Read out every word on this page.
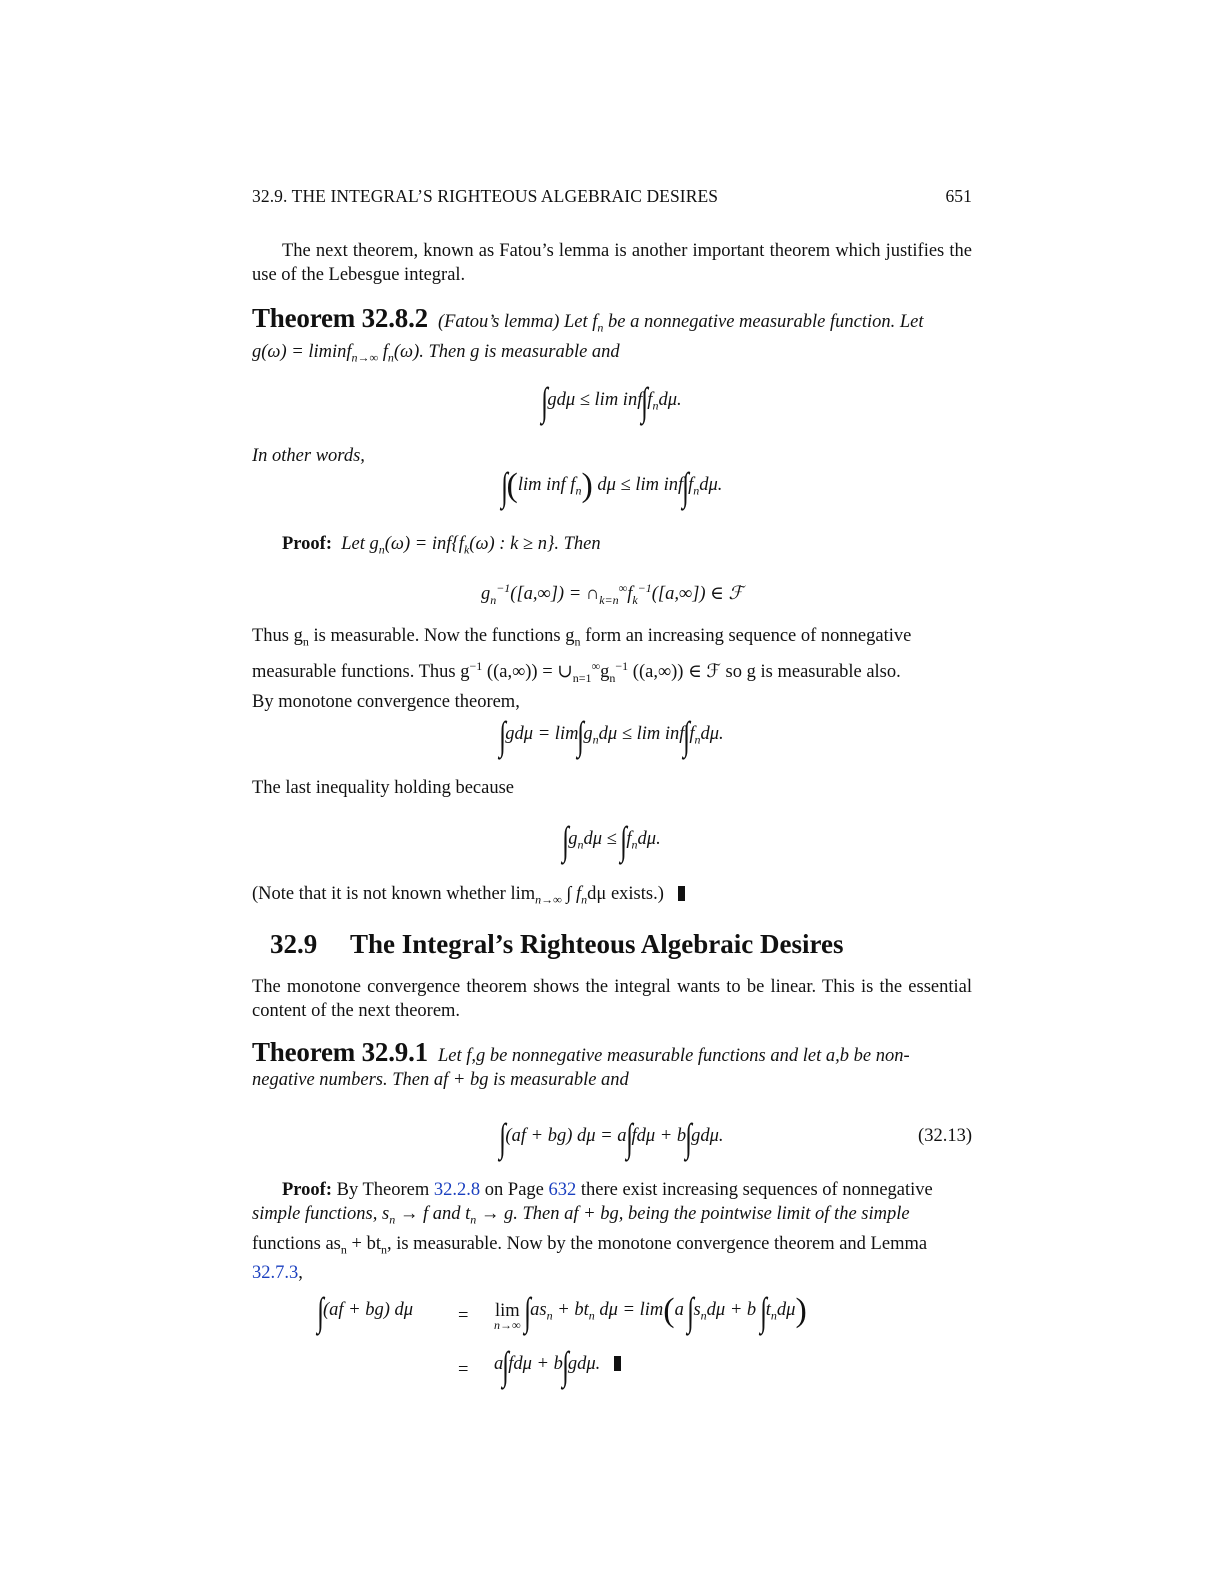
32.9. THE INTEGRAL’S RIGHTEOUS ALGEBRAIC DESIRES	651
The next theorem, known as Fatou’s lemma is another important theorem which justifies the use of the Lebesgue integral.
Theorem 32.8.2 (Fatou’s lemma) Let $f_n$ be a nonnegative measurable function. Let
g(ω) = liminf$_{n\to\infty}$ $f_n(\omega)$. Then g is measurable and
$\int gd\mu \le \lim inf\int f_nd\mu$.
In other words,
∫(lim inf $f_n$) $d\mu \le \lim inf\int f_nd\mu$.
Proof: Let $g_n(\omega) = inf\{f_k(\omega)$ : k ≥ n}. Then
$g_n^{-1}([a,\infty])$ = $\cap_{k=n}^\infty f_k^{-1}([a,\infty])$ ∈ ℱ
Thus $g_n$ is measurable. Now the functions $g_n$ form an increasing sequence of nonnegative
measurable functions. Thus $g^{-1}$ $((a,\infty)) = \cup_{n=1}^\infty g_n^{-1}$ ((a,∞)) ∈ ℱ so g is measurable also.
By monotone convergence theorem,
$\int gd\mu = \lim\int g_nd\mu \le \lim inf\int f_nd\mu$.
The last inequality holding because
$\int g_nd\mu \le \int f_nd\mu$.
(Note that it is not known whether $\lim_{n\to\infty}$ ∫ $f_nd\mu$ exists.)
32.9 The Integral’s Righteous Algebraic Desires
The monotone convergence theorem shows the integral wants to be linear. This is the essential content of the next theorem.
Theorem 32.9.1 Let f,g be nonnegative measurable functions and let a,b be non-
negative numbers. Then af + bg is measurable and
∫(af + bg) dμ = a∫fdμ + b∫gdμ.	(32.13)
Proof: By Theorem 32.2.8 on Page 632 there exist increasing sequences of nonnegative
simple functions, $s_n \to f$ and $t_n \to g$. Then af + bg, being the pointwise limit of the simple
functions $as_n + bt_n$, is measurable. Now by the monotone convergence theorem and Lemma
32.7.3,
∫(af + bg) dμ = lim
n→∞ $\int as_n + bt_n$ dμ = lim(a $\int s_nd\mu + b$ $\int t_nd\mu$)
= a∫fdμ + b∫gdμ.
